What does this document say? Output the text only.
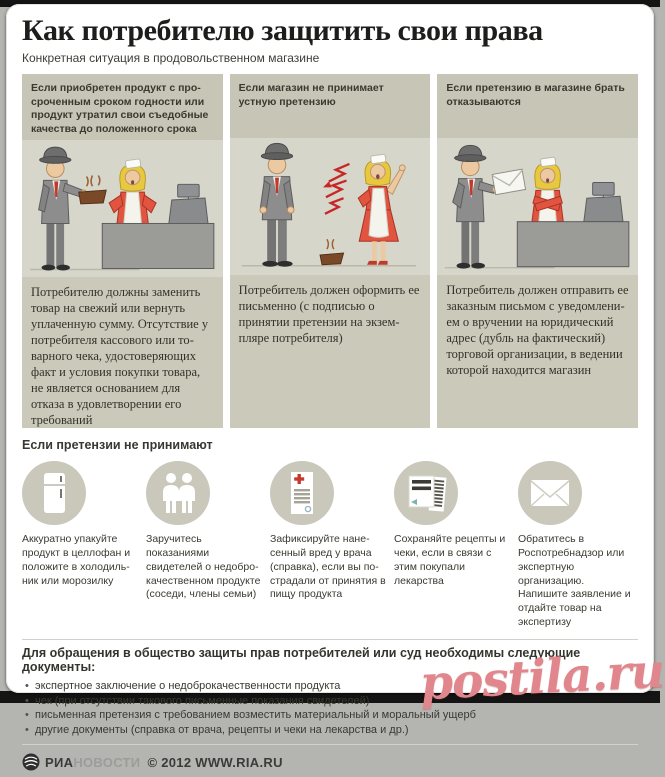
Как потребителю защитить свои права
Конкретная ситуация в продовольственном магазине
Если приобретен продукт с просроченным сроком годности или продукт утратил свои съедобные качества до положенного срока
Потребителю должны заменить товар на свежий или вернуть уплаченную сумму. Отсутствие у потребителя кассового или товарного чека, удостоверяющих факт и условия покупки товара, не является основанием для отказа в удовлетворении его требований
Если магазин не принимает устную претензию
Потребитель должен оформить ее письменно (с подписью о принятии претензии на экземпляре потребителя)
Если претензию в магазине брать отказываются
Потребитель должен отправить ее заказным письмом с уведомлением о вручении на юридический адрес (дубль на фактический) торговой организации, в ведении которой находится магазин
Если претензии не принимают
Аккуратно упакуйте продукт в целлофан и положите в холодильник или морозилку
Заручитесь показаниями свидетелей о недоброкачественном продукте (соседи, члены семьи)
Зафиксируйте нанесенный вред у врача (справка), если вы пострадали от принятия в пищу продукта
Сохраняйте рецепты и чеки, если в связи с этим покупали лекарства
Обратитесь в Роспотребнадзор или экспертную организацию. Напишите заявление и отдайте товар на экспертизу
Для обращения в общество защиты прав потребителей или суд необходимы следующие документы:
• экспертное заключение о недоброкачественности продукта
• чек (при отсутствии такового письменные показания свидетелей)
• письменная претензия с требованием возместить материальный и моральный ущерб
• другие документы (справка от врача, рецепты и чеки на лекарства и др.)
РИА НОВОСТИ © 2012 WWW.RIA.RU
postila.ru
